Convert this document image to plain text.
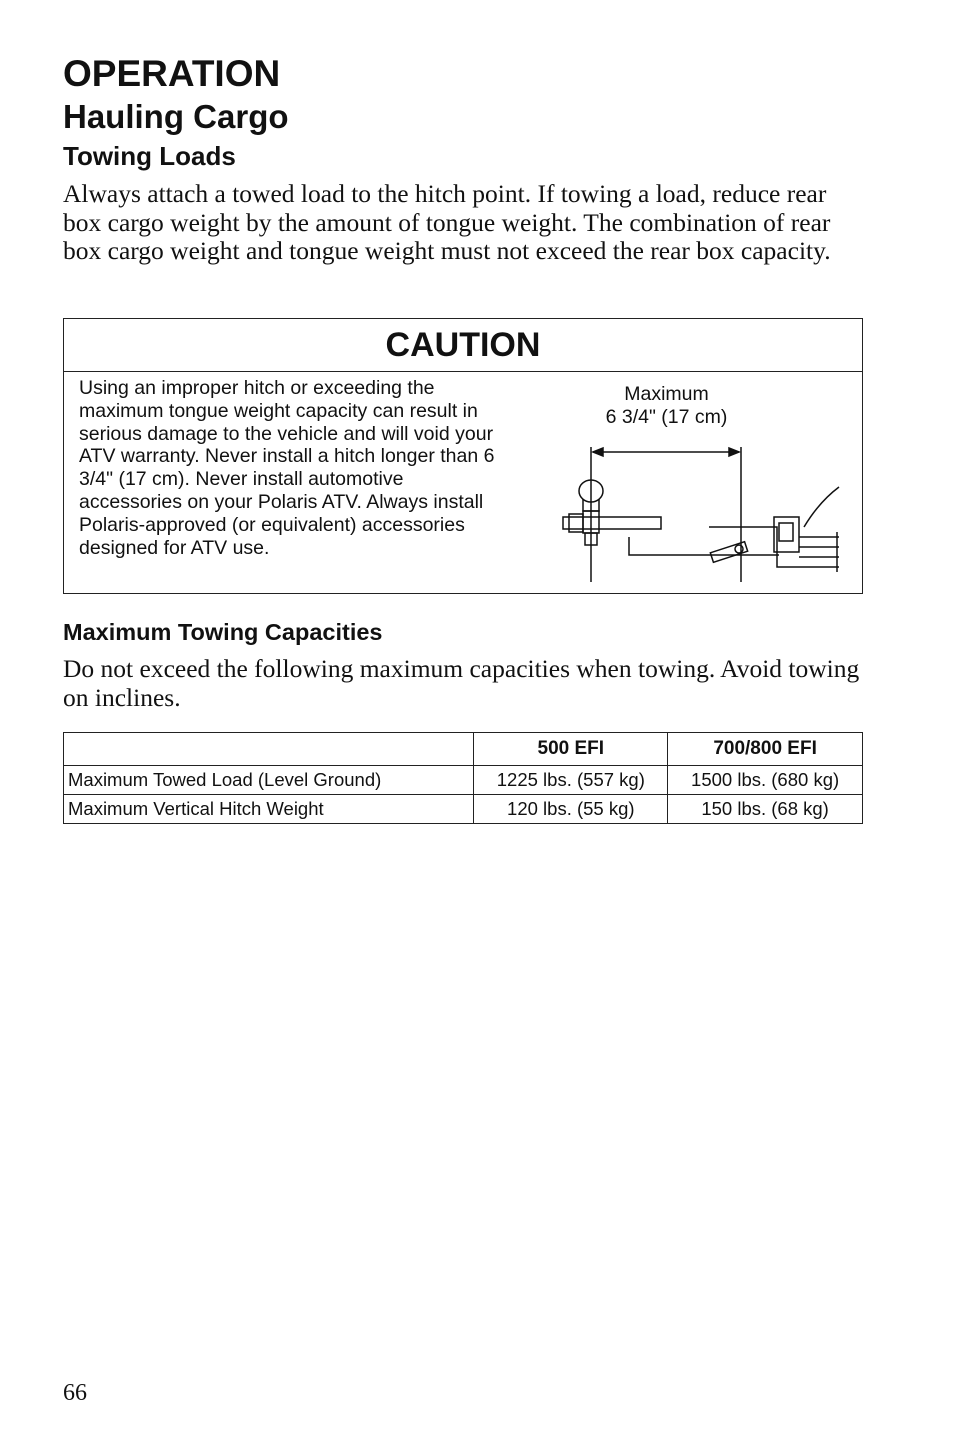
OPERATION
Hauling Cargo
Towing Loads

Always attach a towed load to the hitch point. If towing a load, reduce rear box cargo weight by the amount of tongue weight. The combination of rear box cargo weight and tongue weight must not exceed the rear box capacity.

CAUTION

Using an improper hitch or exceeding the maximum tongue weight capacity can result in serious damage to the vehicle and will void your ATV warranty. Never install a hitch longer than 6 3/4" (17 cm). Never install automotive accessories on your Polaris ATV. Always install Polaris-approved (or equivalent) accessories designed for ATV use.

Maximum
6 3/4" (17 cm)
Maximum Towing Capacities

Do not exceed the following maximum capacities when towing. Avoid towing on inclines.

	500 EFI	700/800 EFI
Maximum Towed Load (Level Ground)	1225 lbs. (557 kg)	1500 lbs. (680 kg)
Maximum Vertical Hitch Weight	120 lbs. (55 kg)	150 lbs. (68 kg)
66
